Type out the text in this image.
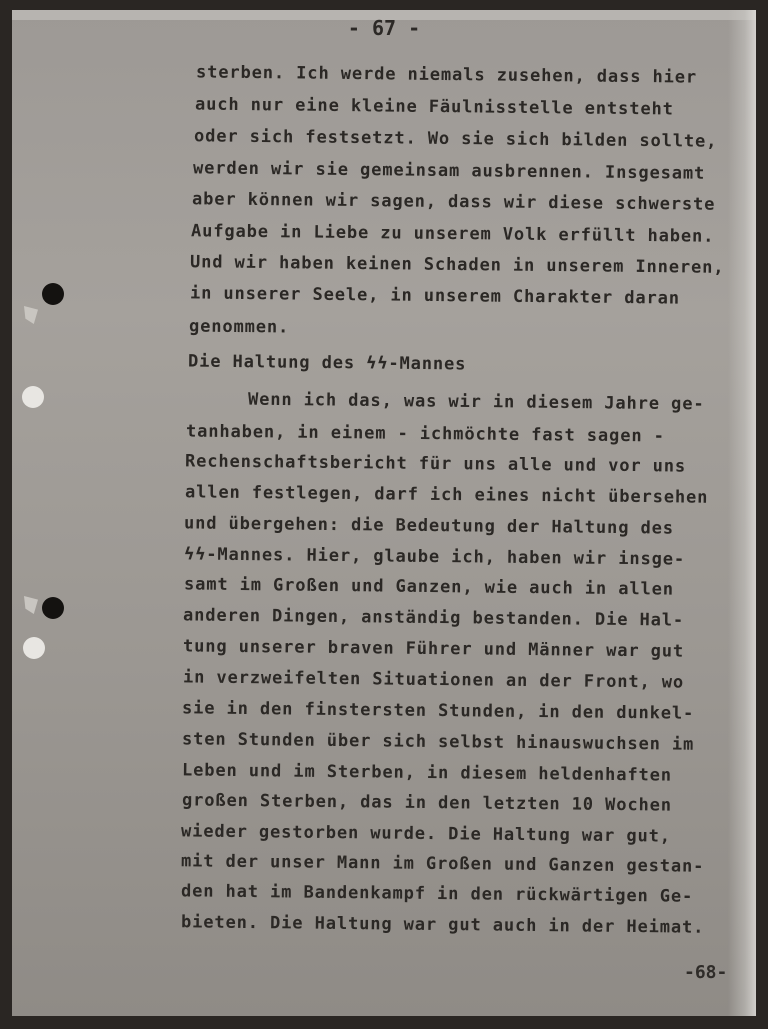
- 67 -
sterben. Ich werde niemals zusehen, dass hier
auch nur eine kleine Fäulnisstelle entsteht
oder sich festsetzt. Wo sie sich bilden sollte,
werden wir sie gemeinsam ausbrennen. Insgesamt
aber können wir sagen, dass wir diese schwerste
Aufgabe in Liebe zu unserem Volk erfüllt haben.
Und wir haben keinen Schaden in unserem Inneren,
in unserer Seele, in unserem Charakter daran
genommen.
Die Haltung des ϟϟ-Mannes
Wenn ich das, was wir in diesem Jahre ge-
tanhaben, in einem - ichmöchte fast sagen -
Rechenschaftsbericht für uns alle und vor uns
allen festlegen, darf ich eines nicht übersehen
und übergehen: die Bedeutung der Haltung des
ϟϟ-Mannes. Hier, glaube ich, haben wir insge-
samt im Großen und Ganzen, wie auch in allen
anderen Dingen, anständig bestanden. Die Hal-
tung unserer braven Führer und Männer war gut
in verzweifelten Situationen an der Front, wo
sie in den finstersten Stunden, in den dunkel-
sten Stunden über sich selbst hinauswuchsen im
Leben und im Sterben, in diesem heldenhaften
großen Sterben, das in den letzten 10 Wochen
wieder gestorben wurde. Die Haltung war gut,
mit der unser Mann im Großen und Ganzen gestan-
den hat im Bandenkampf in den rückwärtigen Ge-
bieten. Die Haltung war gut auch in der Heimat.
-68-
